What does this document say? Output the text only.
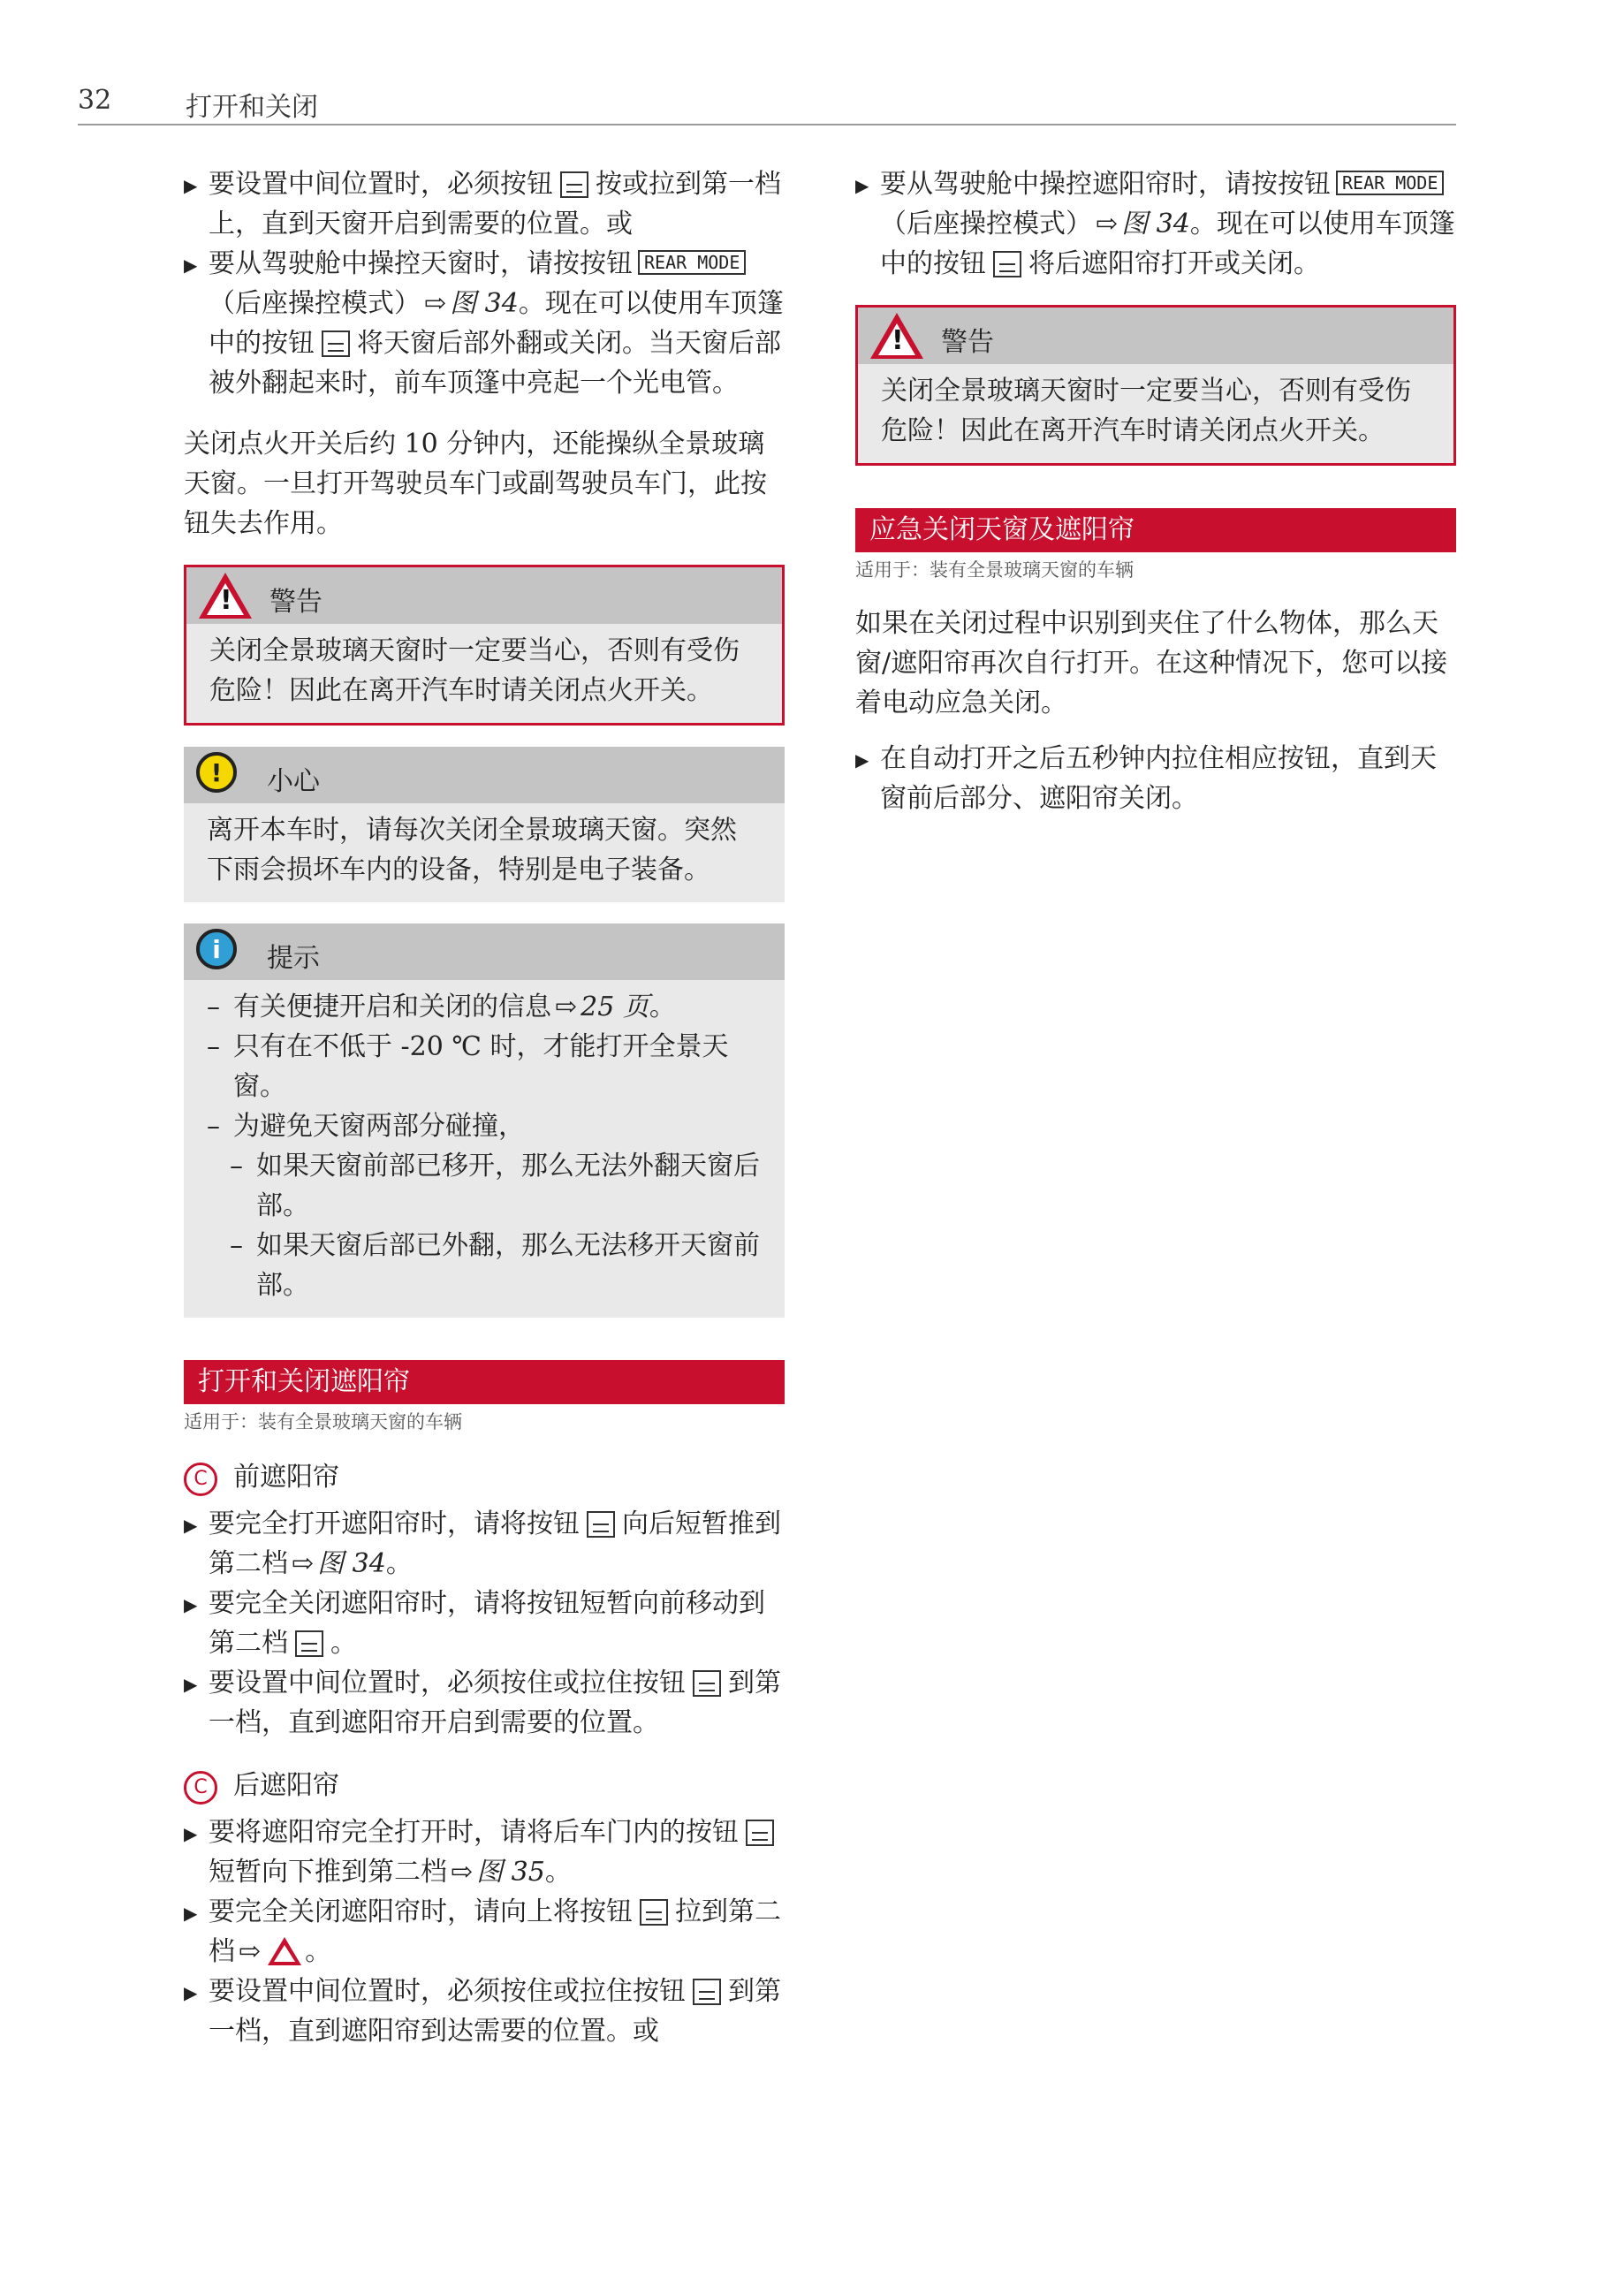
32	打开和关闭
▶ 要设置中间位置时，必须按钮 按或拉到第一档上，直到天窗开启到需要的位置。或
▶ 要从驾驶舱中操控天窗时，请按按钮 REAR MODE（后座操控模式） ⇨ 图 34。现在可以使用车顶篷中的按钮 将天窗后部外翻或关闭。当天窗后部被外翻起来时，前车顶篷中亮起一个光电管。

关闭点火开关后约 10 分钟内，还能操纵全景玻璃天窗。一旦打开驾驶员车门或副驾驶员车门，此按钮失去作用。

!
警告

关闭全景玻璃天窗时一定要当心，否则有受伤危险！因此在离开汽车时请关闭点火开关。

!	小心

离开本车时，请每次关闭全景玻璃天窗。突然下雨会损坏车内的设备，特别是电子装备。

i	提示
– 有关便捷开启和关闭的信息 ⇨ 25 页。
– 只有在不低于 -20 ℃ 时，才能打开全景天窗。
– 为避免天窗两部分碰撞，
– 如果天窗前部已移开，那么无法外翻天窗后部。
– 如果天窗后部已外翻，那么无法移开天窗前部。
打开和关闭遮阳帘
适用于：装有全景玻璃天窗的车辆
C 前遮阳帘
▶ 要完全打开遮阳帘时，请将按钮 向后短暂推到第二档 ⇨ 图 34。
▶ 要完全关闭遮阳帘时，请将按钮短暂向前移动到第二档 。
▶ 要设置中间位置时，必须按住或拉住按钮 到第一档，直到遮阳帘开启到需要的位置。
C 后遮阳帘
▶ 要将遮阳帘完全打开时，请将后车门内的按钮短暂向下推到第二档 ⇨ 图 35。
▶ 要完全关闭遮阳帘时，请向上将按钮 拉到第二档 ⇨ 。
▶ 要设置中间位置时，必须按住或拉住按钮 到第一档，直到遮阳帘到达需要的位置。或
▶ 要从驾驶舱中操控遮阳帘时，请按按钮 REAR MODE（后座操控模式） ⇨ 图 34。现在可以使用车顶篷中的按钮 将后遮阳帘打开或关闭。
!
警告

关闭全景玻璃天窗时一定要当心，否则有受伤危险！因此在离开汽车时请关闭点火开关。

应急关闭天窗及遮阳帘
适用于：装有全景玻璃天窗的车辆

如果在关闭过程中识别到夹住了什么物体，那么天窗/遮阳帘再次自行打开。在这种情况下，您可以接着电动应急关闭。

▶ 在自动打开之后五秒钟内拉住相应按钮，直到天窗前后部分、遮阳帘关闭。
